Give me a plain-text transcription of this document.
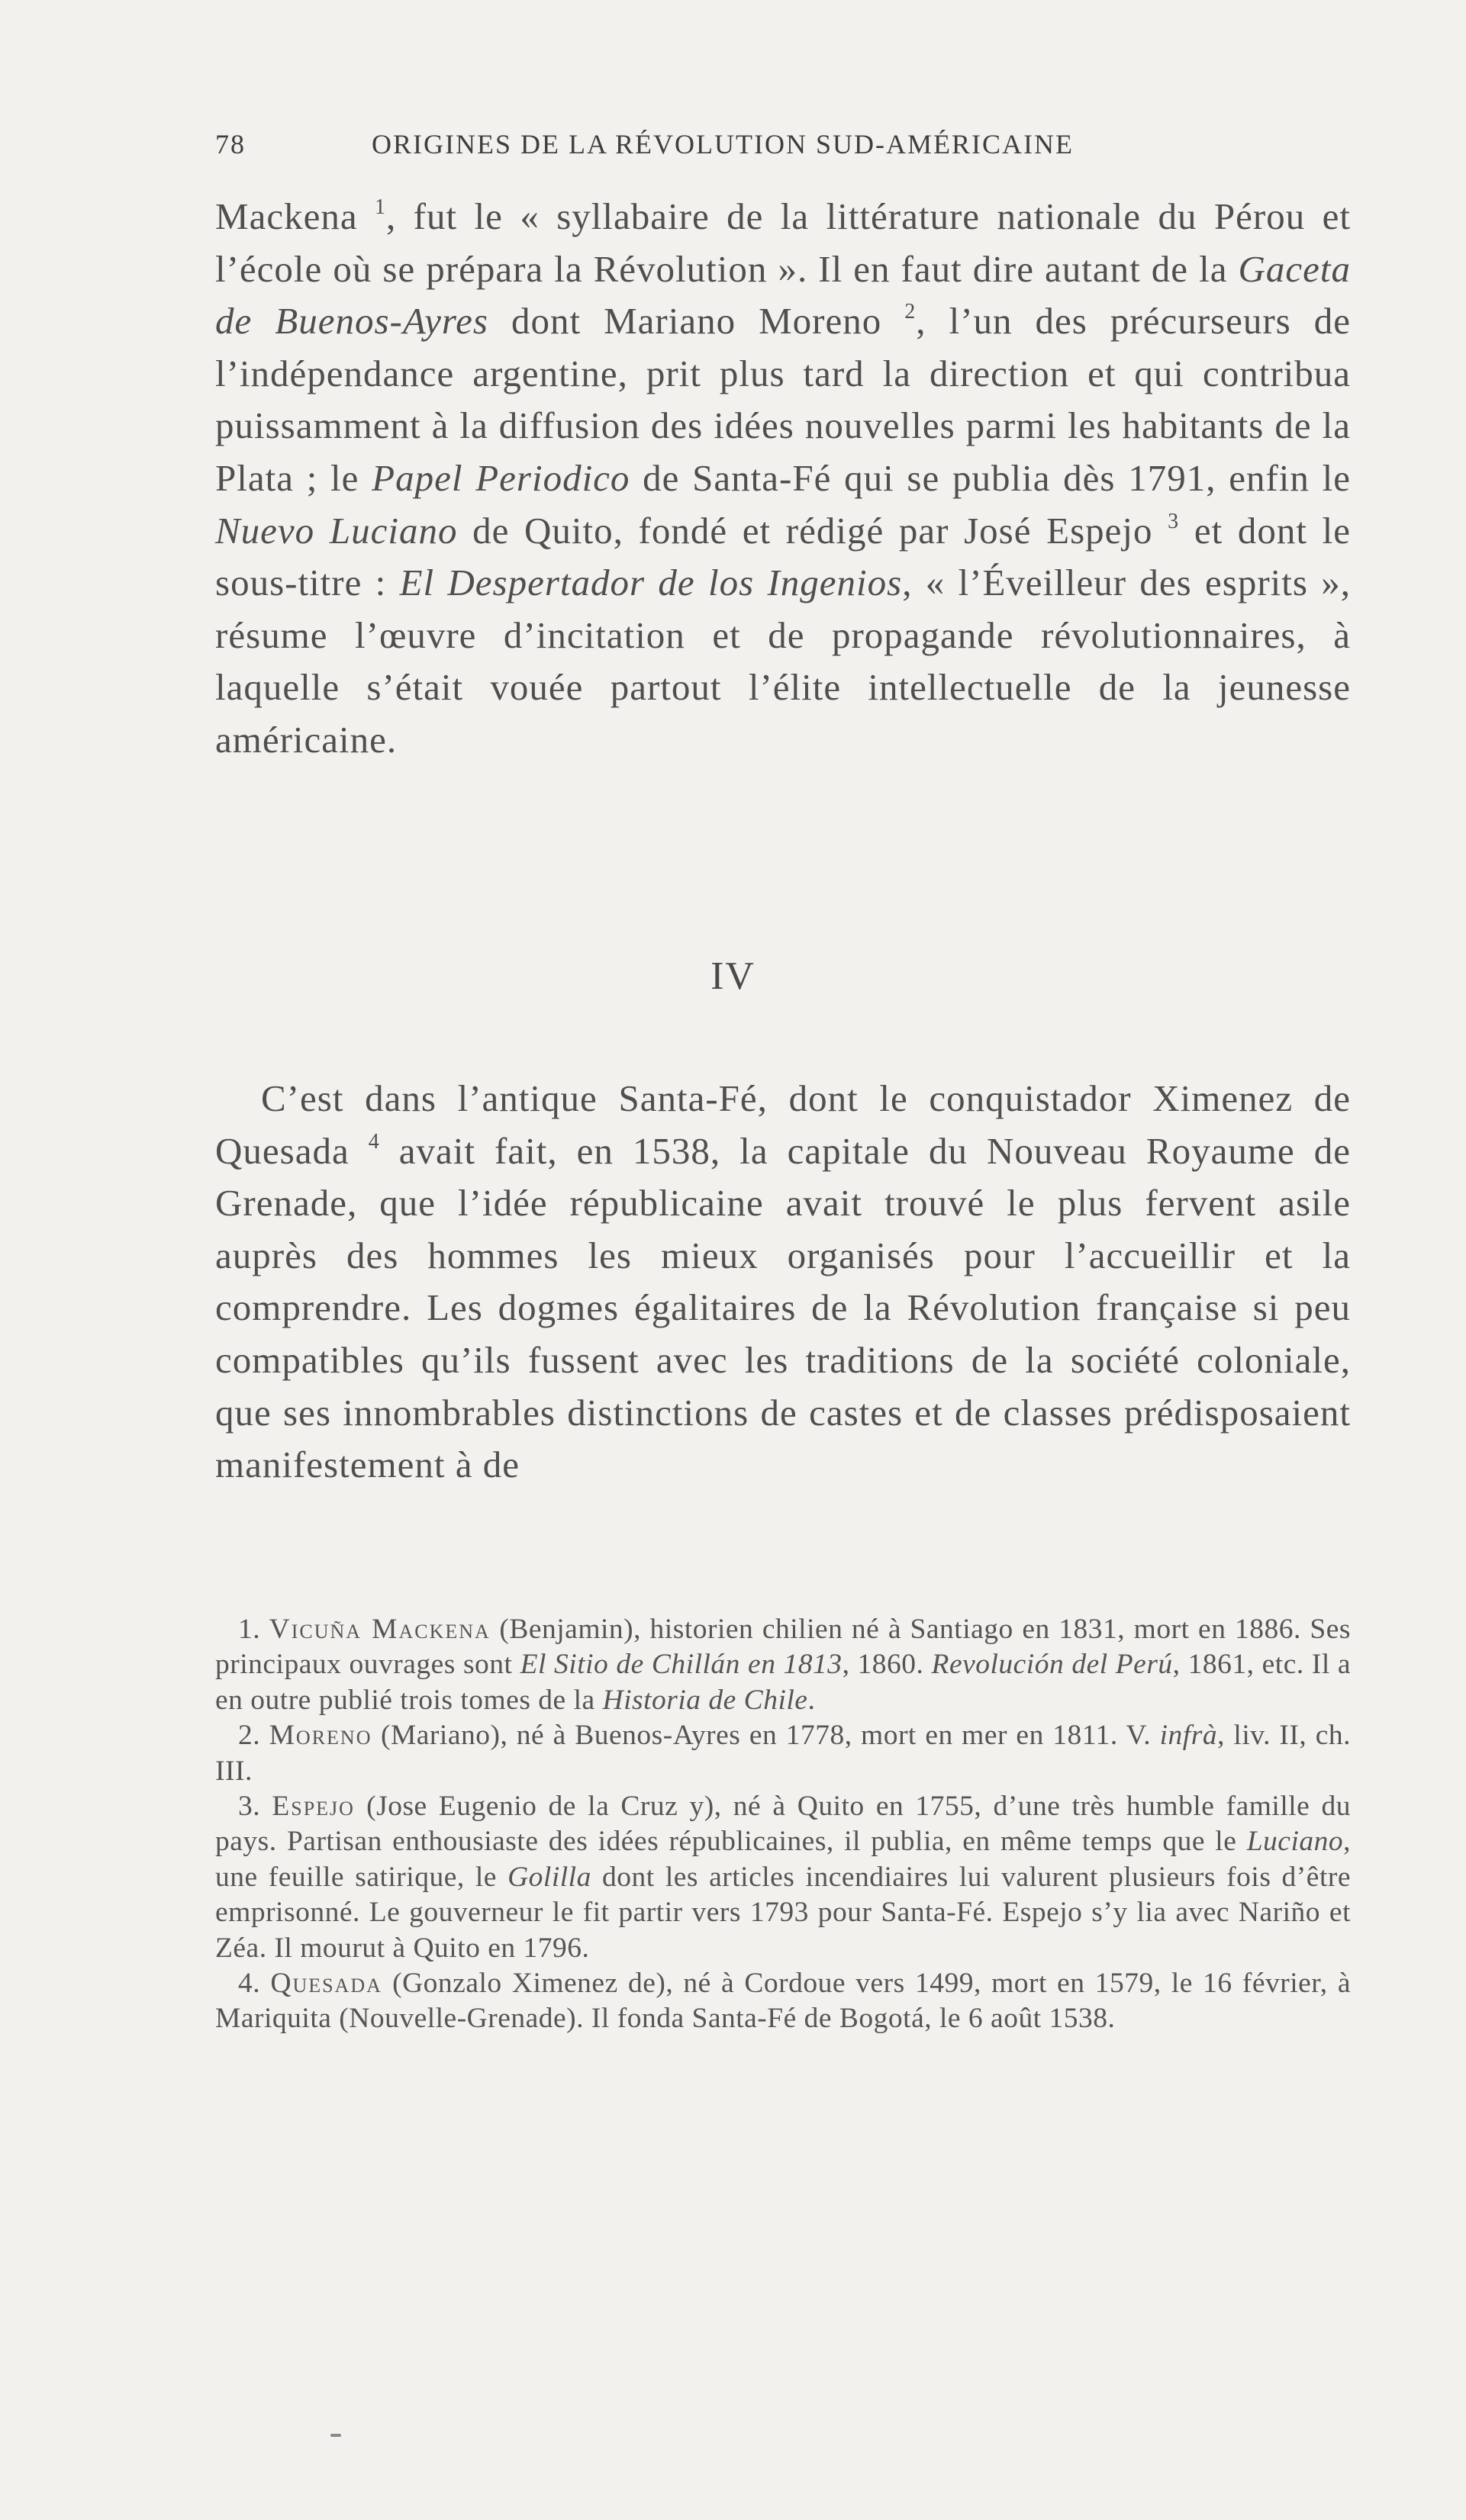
78	ORIGINES DE LA RÉVOLUTION SUD-AMÉRICAINE

Mackena $^1$, fut le « syllabaire de la littérature nationale du Pérou et l’école où se prépara la Révolution ». Il en faut dire autant de la Gaceta de Buenos-Ayres dont Mariano Moreno $^2$, l’un des précurseurs de l’indépendance argentine, prit plus tard la direction et qui contribua puissamment à la diffusion des idées nouvelles parmi les habitants de la Plata ; le Papel Periodico de Santa-Fé qui se publia dès 1791, enfin le Nuevo Luciano de Quito, fondé et rédigé par José Espejo $^3$ et dont le sous-titre : El Despertador de los Ingenios, « l’Éveilleur des esprits », résume l’œuvre d’incitation et de propagande révolutionnaires, à laquelle s’était vouée partout l’élite intellectuelle de la jeunesse américaine.

IV

C’est dans l’antique Santa-Fé, dont le conquistador Ximenez de Quesada $^4$ avait fait, en 1538, la capitale du Nouveau Royaume de Grenade, que l’idée républicaine avait trouvé le plus fervent asile auprès des hommes les mieux organisés pour l’accueillir et la comprendre. Les dogmes égalitaires de la Révolution française si peu compatibles qu’ils fussent avec les traditions de la société coloniale, que ses innombrables distinctions de castes et de classes prédisposaient manifestement à de

1. Vicuña Mackena (Benjamin), historien chilien né à Santiago en 1831, mort en 1886. Ses principaux ouvrages sont El Sitio de Chillán en 1813, 1860. Revolución del Perú, 1861, etc. Il a en outre publié trois tomes de la Historia de Chile.

2. Moreno (Mariano), né à Buenos-Ayres en 1778, mort en mer en 1811. V. infrà, liv. II, ch. III.

3. Espejo (Jose Eugenio de la Cruz y), né à Quito en 1755, d’une très humble famille du pays. Partisan enthousiaste des idées républicaines, il publia, en même temps que le Luciano, une feuille satirique, le Golilla dont les articles incendiaires lui valurent plusieurs fois d’être emprisonné. Le gouverneur le fit partir vers 1793 pour Santa-Fé. Espejo s’y lia avec Nariño et Zéa. Il mourut à Quito en 1796.

4. Quesada (Gonzalo Ximenez de), né à Cordoue vers 1499, mort en 1579, le 16 février, à Mariquita (Nouvelle-Grenade). Il fonda Santa-Fé de Bogotá, le 6 août 1538.
